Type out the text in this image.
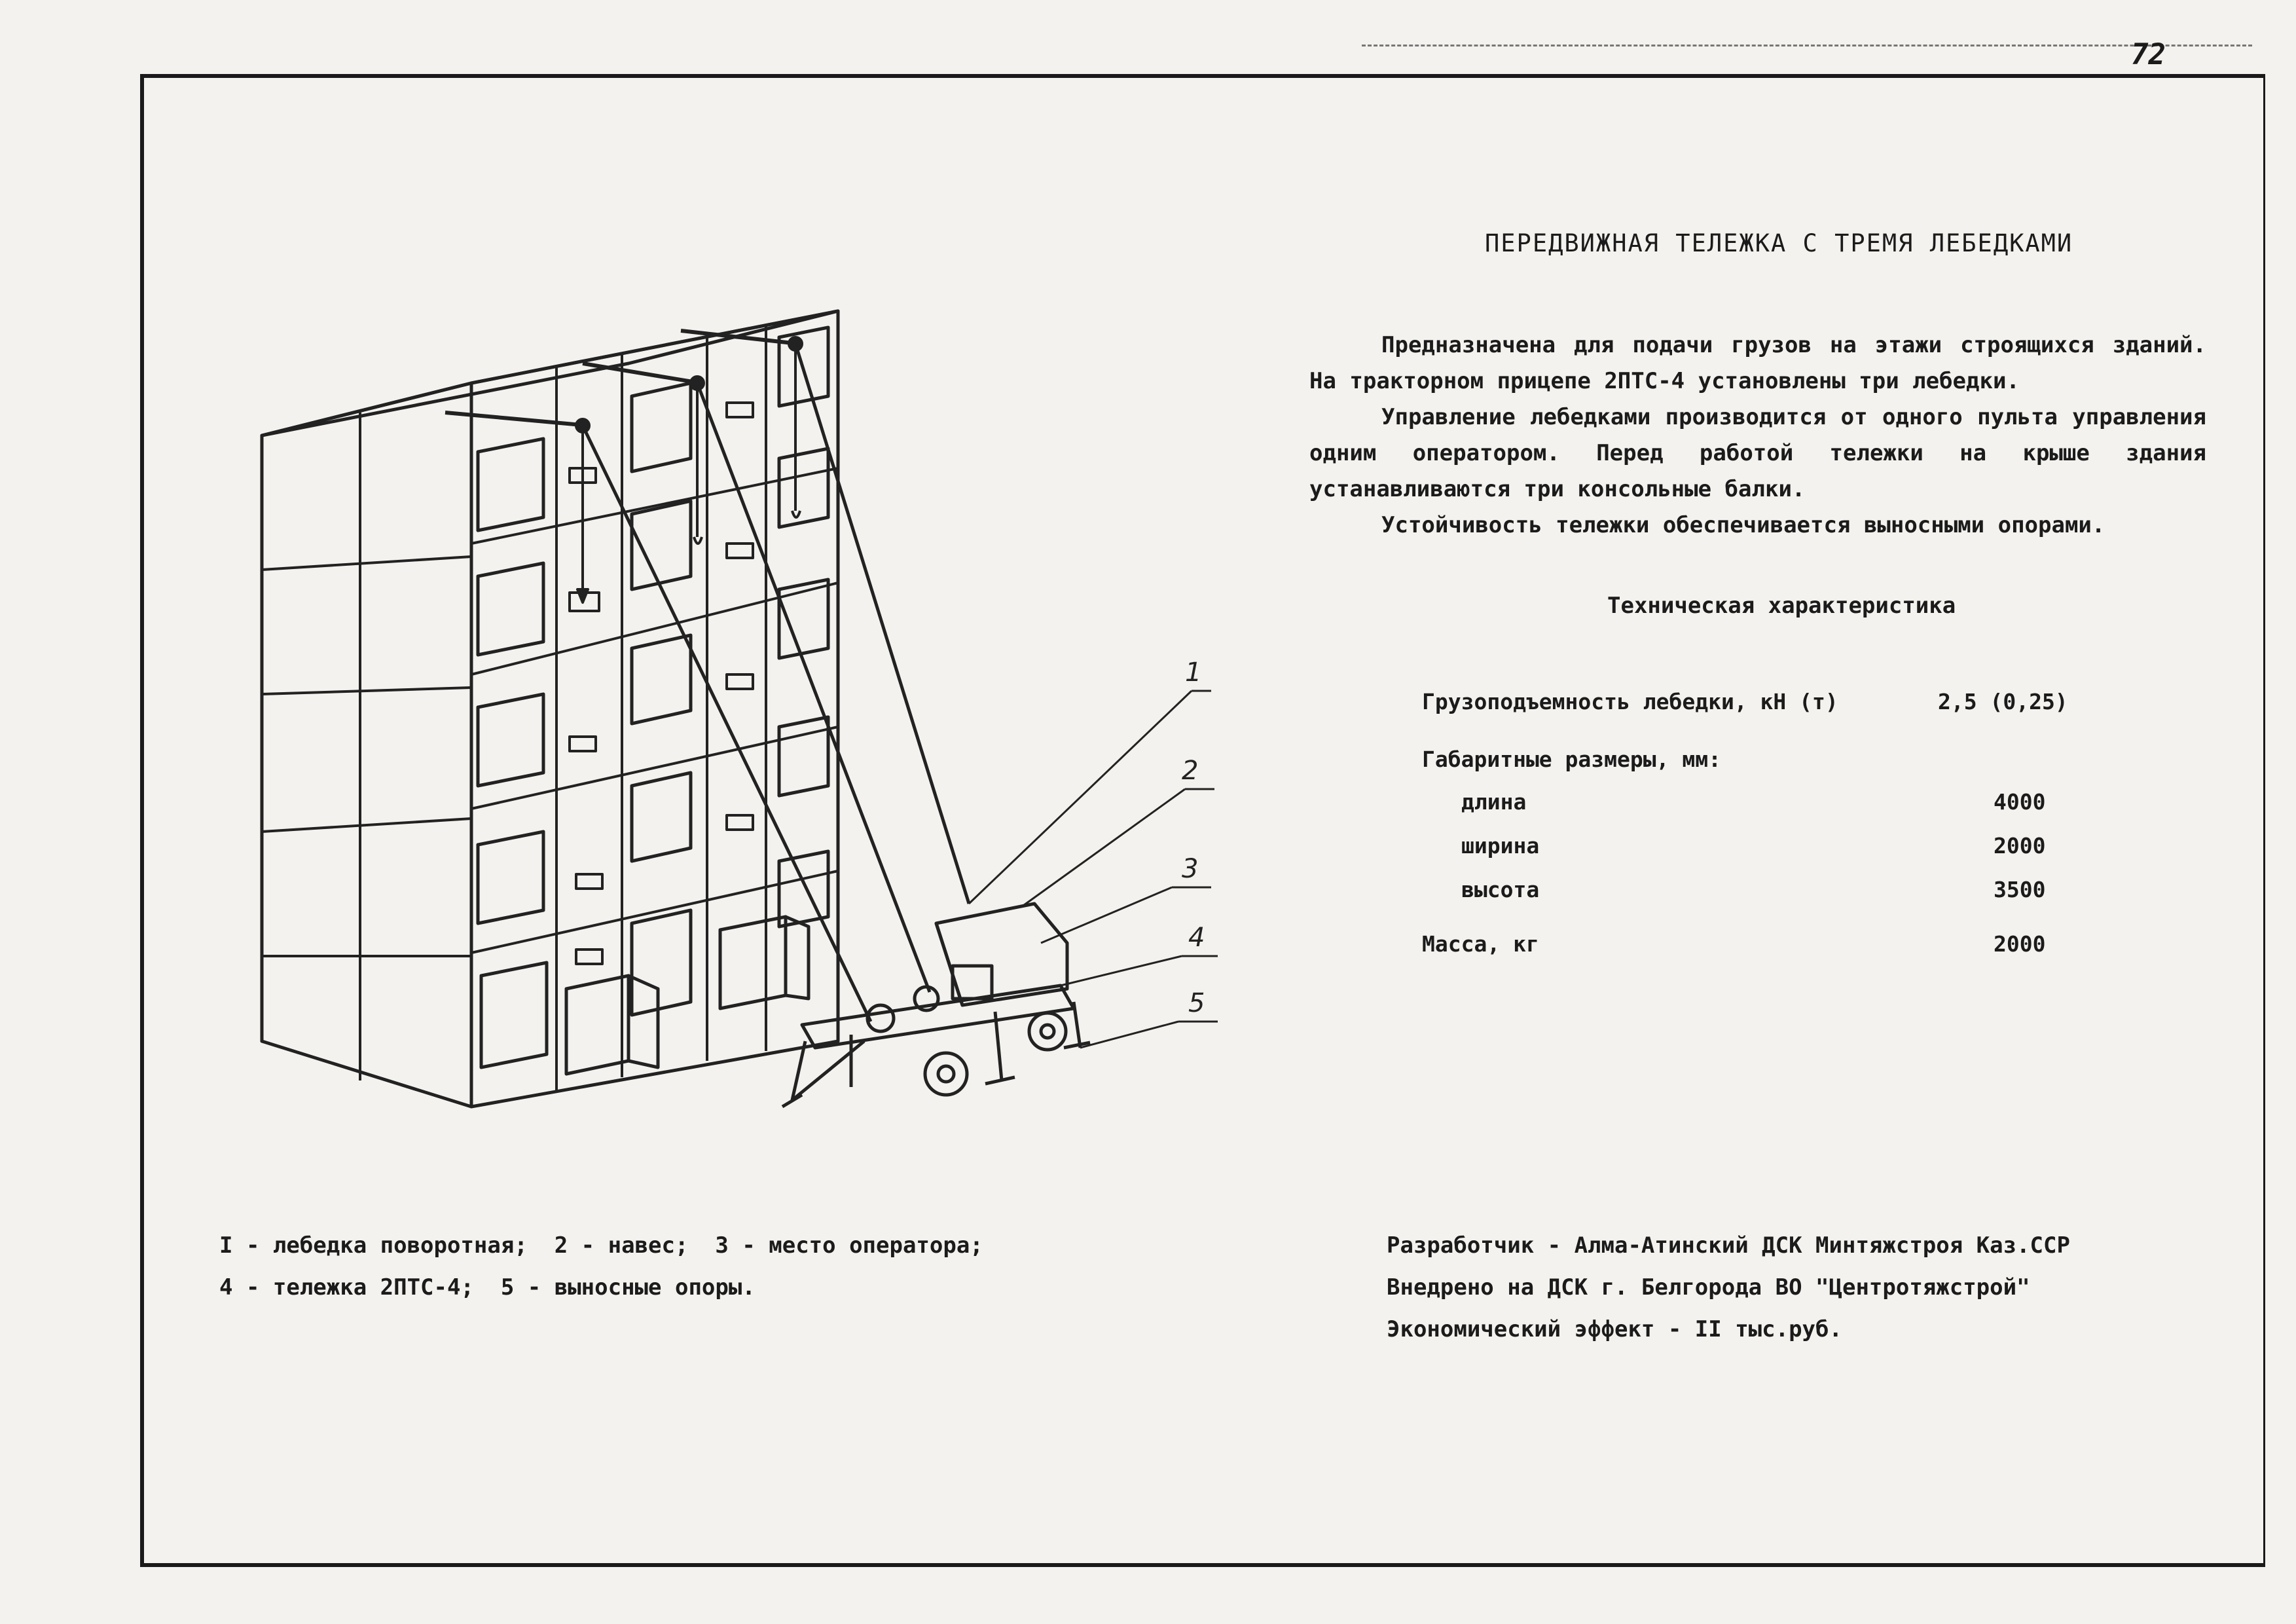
72
1
2
3
4
5
ПЕРЕДВИЖНАЯ ТЕЛЕЖКА С ТРЕМЯ ЛЕБЕДКАМИ

Предназначена для подачи грузов на этажи строящихся зданий. На тракторном прицепе 2ПТС-4 установлены три лебедки.

Управление лебедками производится от одного пульта управления одним оператором. Перед работой тележки на крыше здания устанавливаются три консольные балки.

Устойчивость тележки обеспечивается выносными опорами.

Техническая характеристика
Грузоподъемность лебедки, кН (т)	2,5 (0,25)
Габаритные размеры, мм:
длина	4000
ширина	2000
высота	3500
Масса, кг	2000
I - лебедка поворотная;  2 - навес;  3 - место оператора;
4 - тележка 2ПТС-4;  5 - выносные опоры.
Разработчик - Алма-Атинский ДСК Минтяжстроя Каз.ССР
Внедрено на ДСК г. Белгорода ВО "Центротяжстрой"
Экономический эффект - II тыс.руб.
